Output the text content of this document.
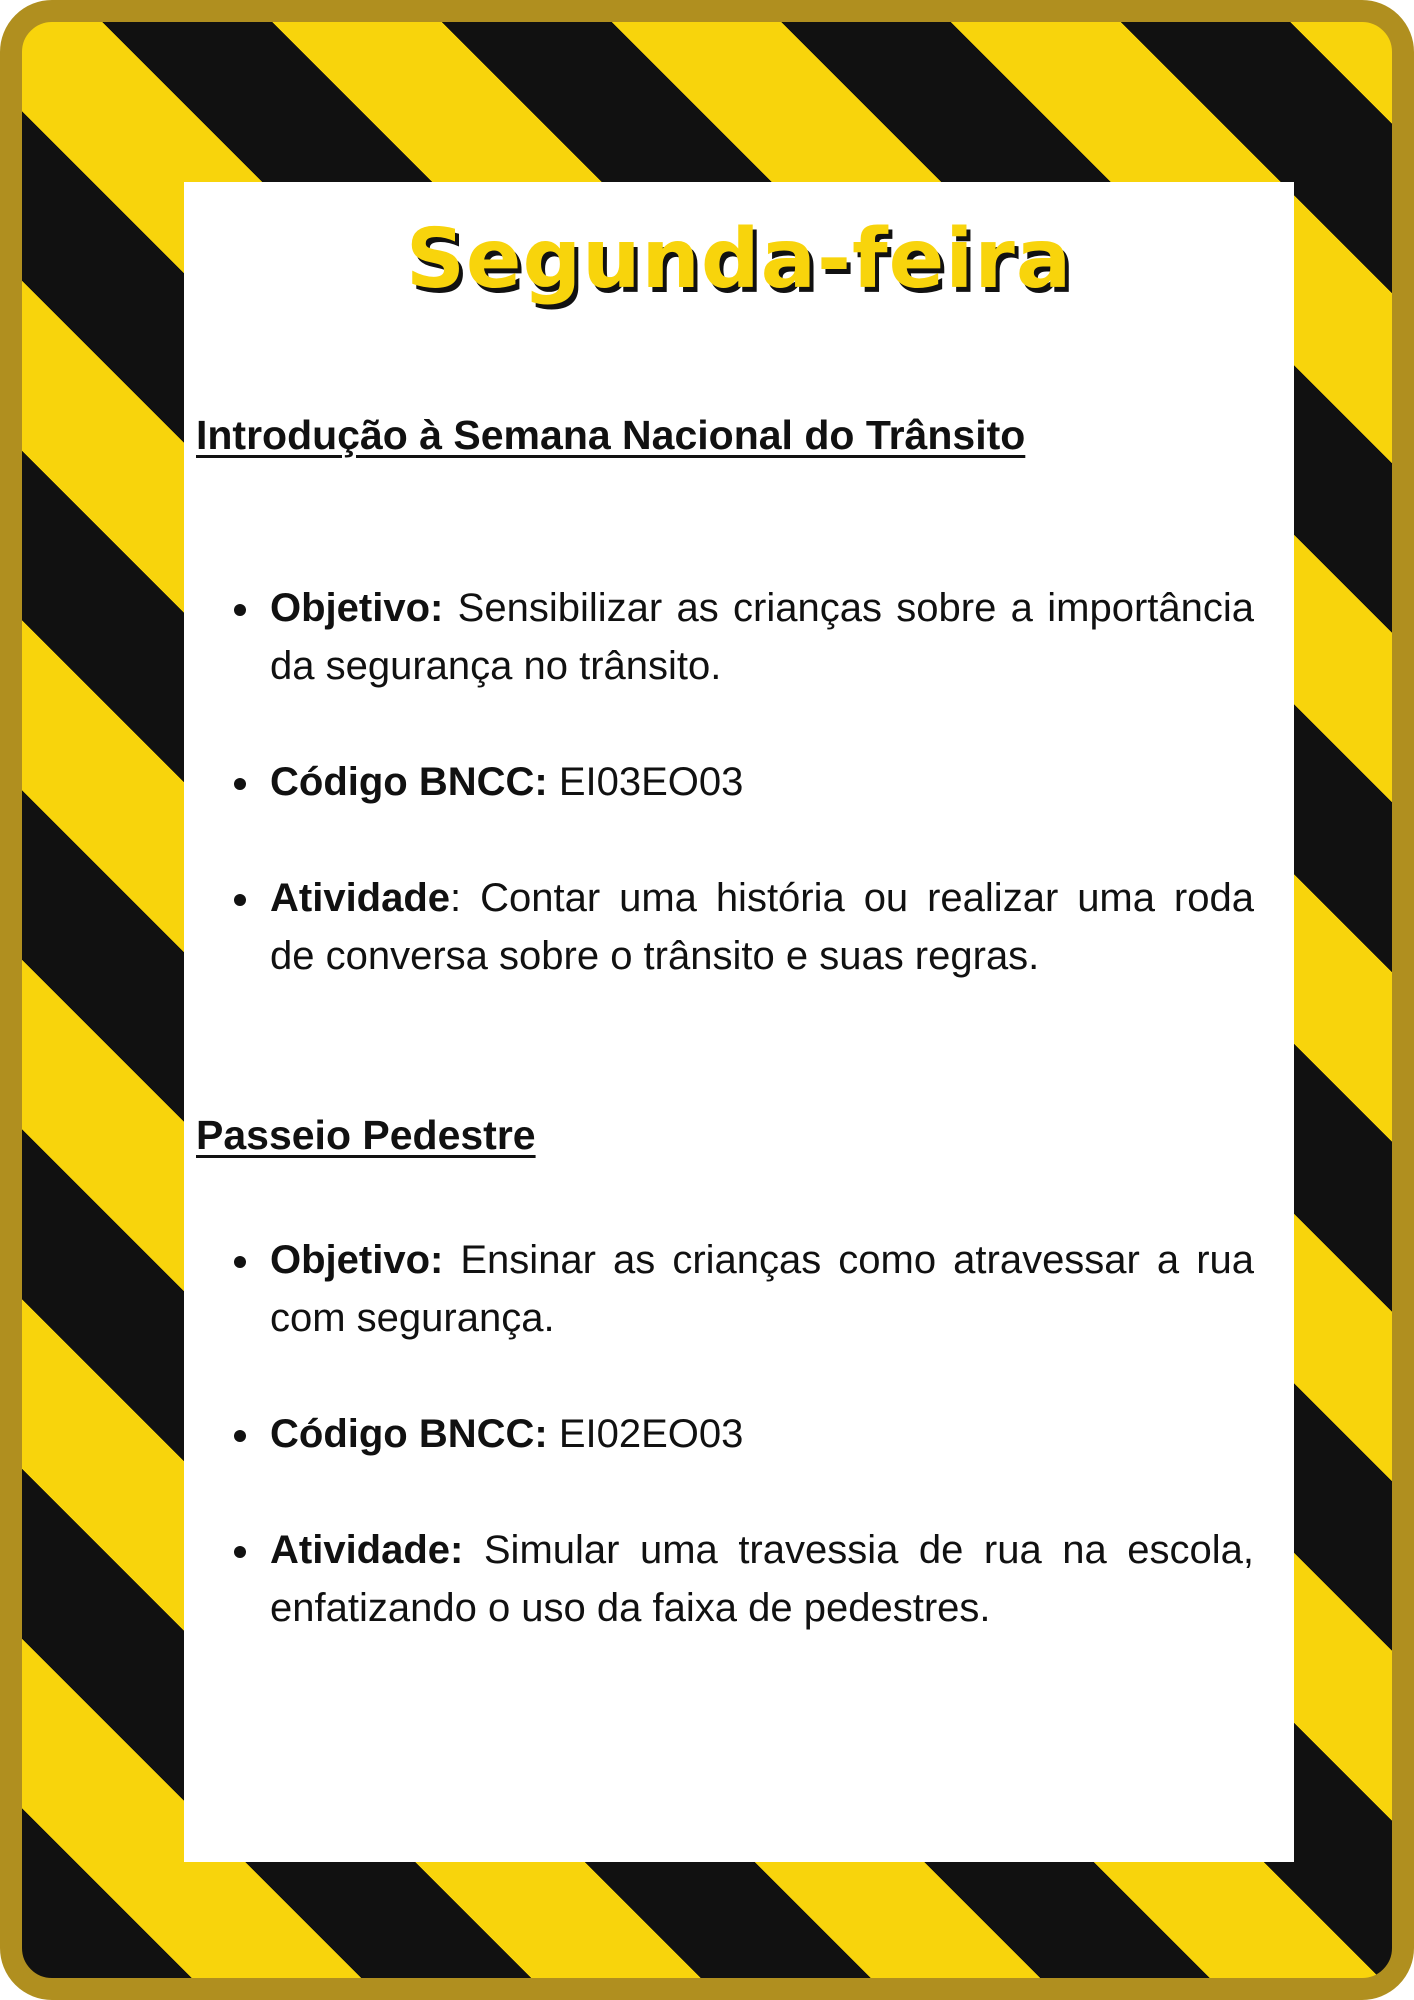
Segunda-feira
Introdução à Semana Nacional do Trânsito
Objetivo: Sensibilizar as crianças sobre a importância da segurança no trânsito.
Código BNCC: EI03EO03
Atividade: Contar uma história ou realizar uma roda de conversa sobre o trânsito e suas regras.
Passeio Pedestre
Objetivo: Ensinar as crianças como atravessar a rua com segurança.
Código BNCC: EI02EO03
Atividade: Simular uma travessia de rua na escola, enfatizando o uso da faixa de pedestres.
